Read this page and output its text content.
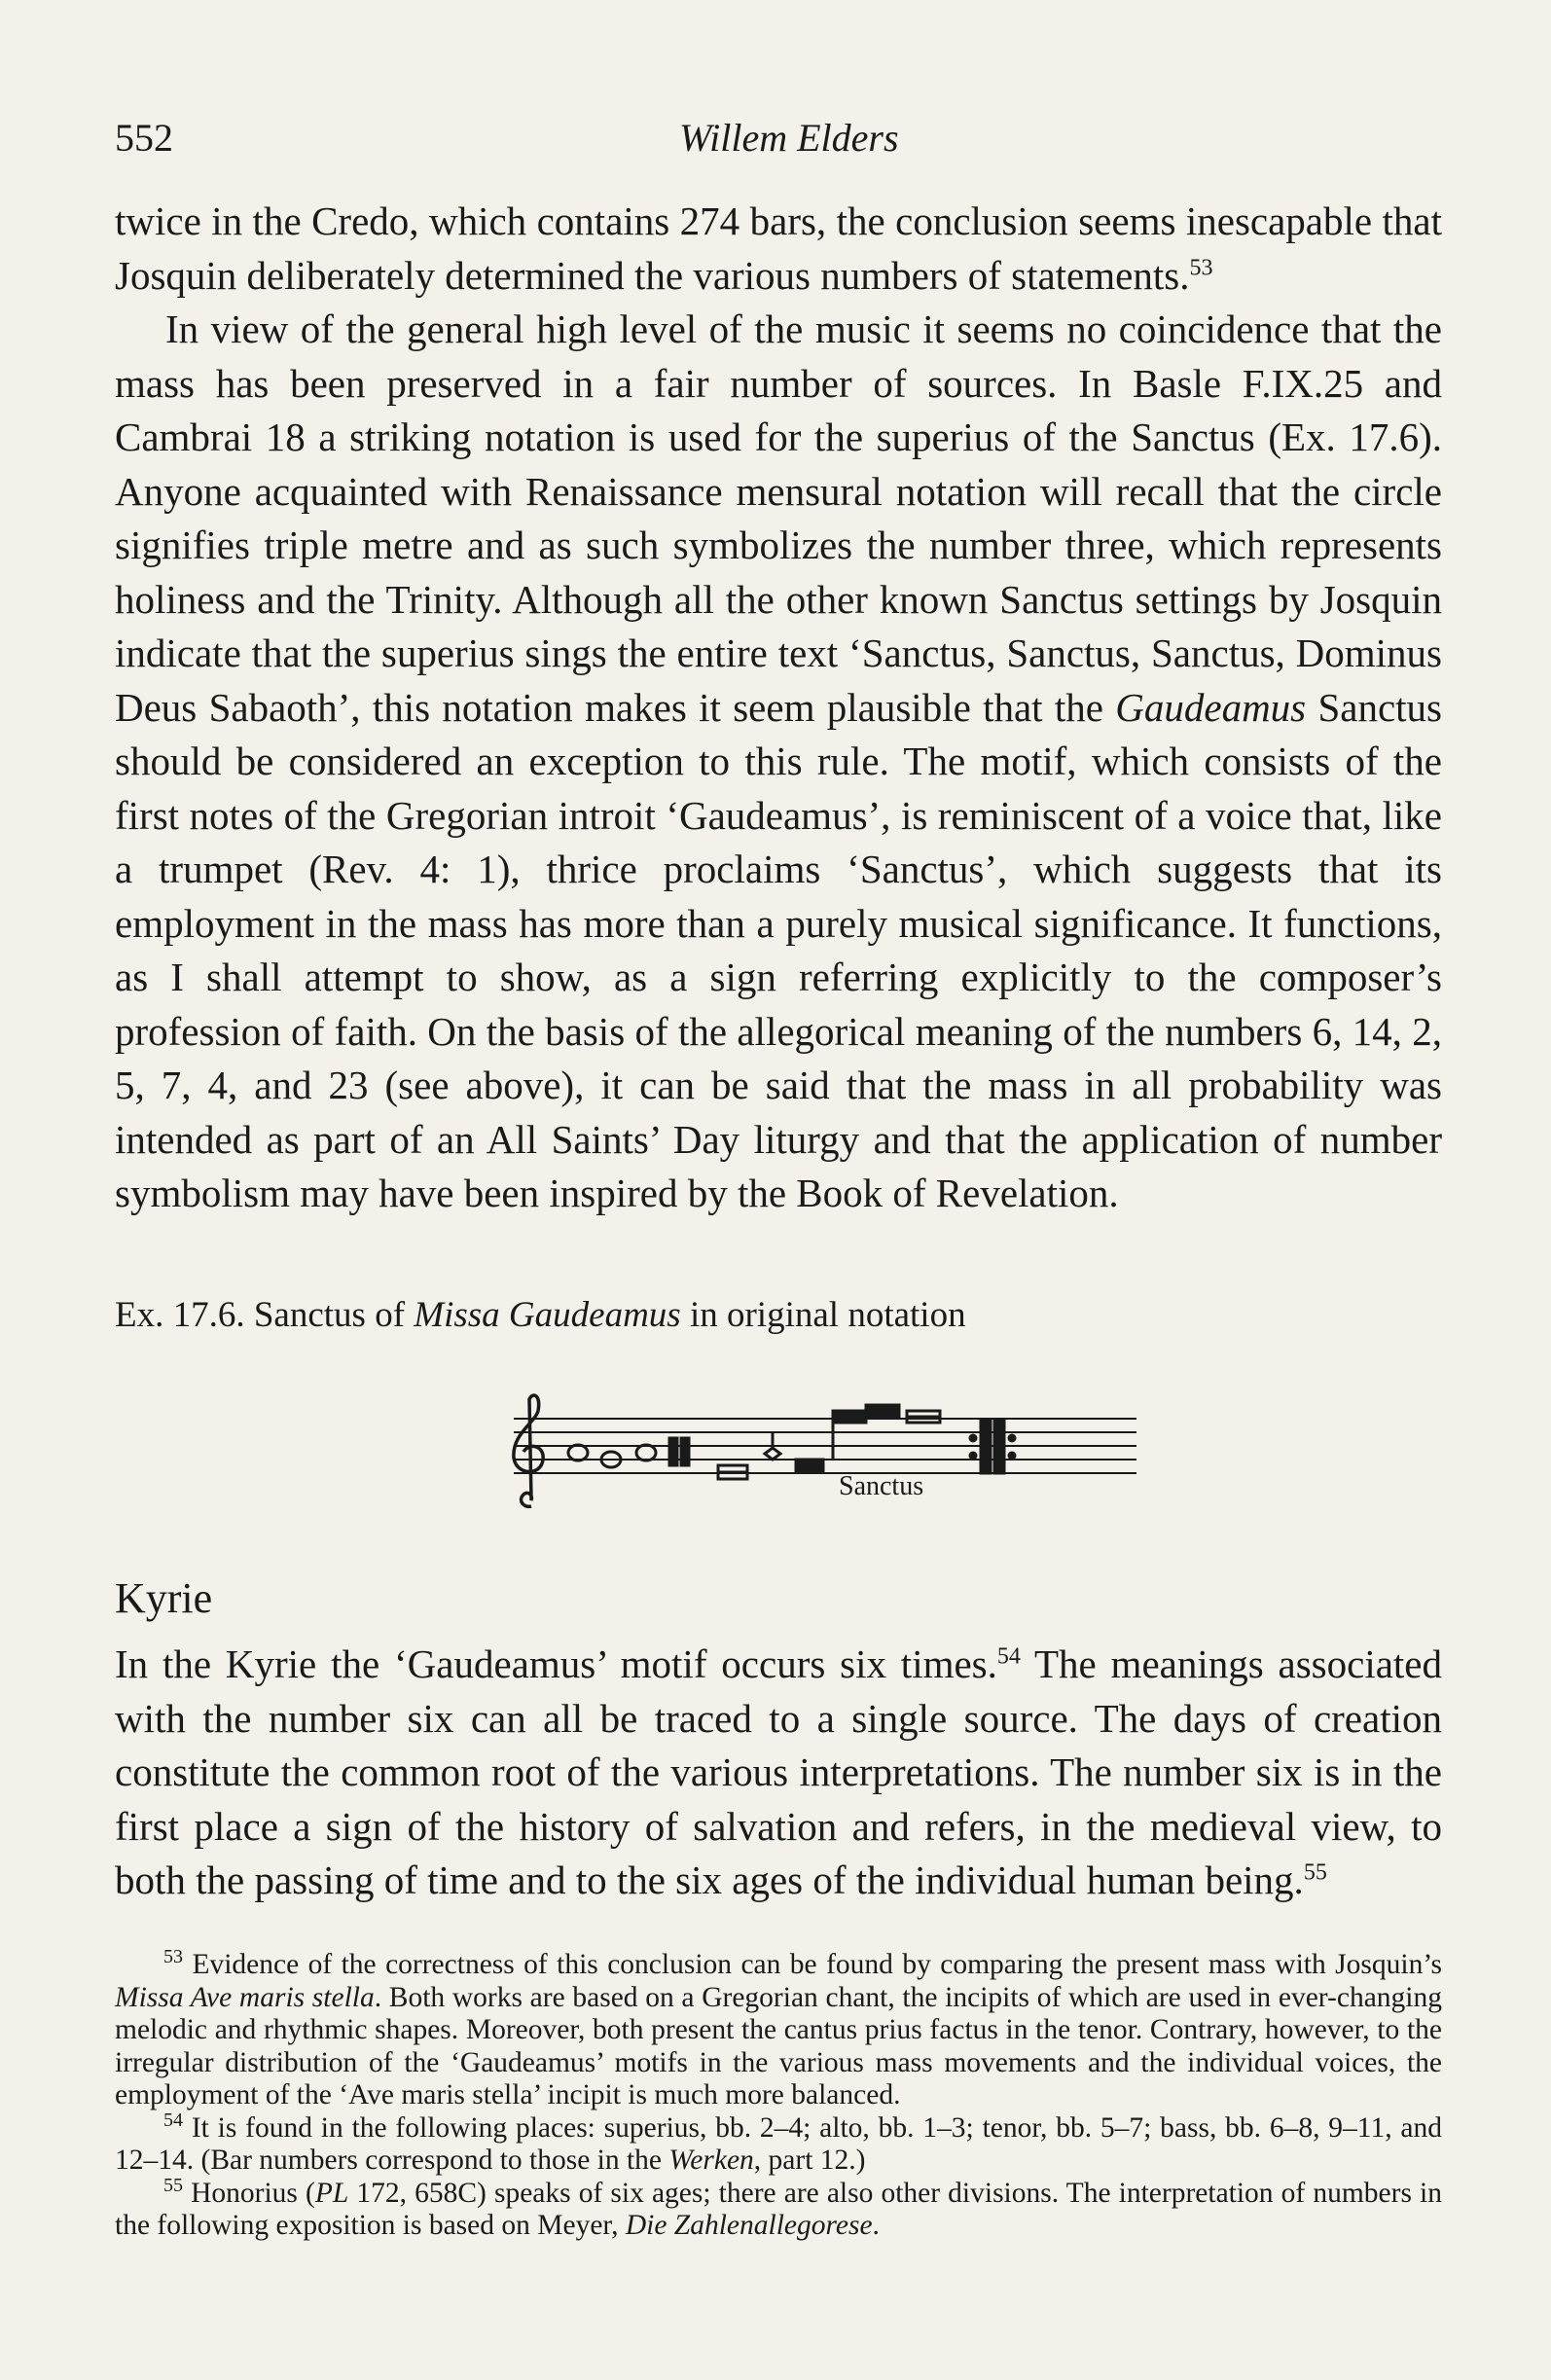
552	Willem Elders

twice in the Credo, which contains 274 bars, the conclusion seems inescapable that Josquin deliberately determined the various numbers of statements.$^{53}$

In view of the general high level of the music it seems no coincidence that the mass has been preserved in a fair number of sources. In Basle F.IX.25 and Cambrai 18 a striking notation is used for the superius of the Sanctus (Ex. 17.6). Anyone acquainted with Renaissance mensural notation will recall that the circle signifies triple metre and as such symbolizes the number three, which represents holiness and the Trinity. Although all the other known Sanctus settings by Josquin indicate that the superius sings the entire text ‘Sanctus, Sanctus, Sanctus, Dominus Deus Sabaoth’, this notation makes it seem plausible that the Gaudeamus Sanctus should be considered an exception to this rule. The motif, which consists of the first notes of the Gregorian introit ‘Gaudeamus’, is reminiscent of a voice that, like a trumpet (Rev. 4: 1), thrice proclaims ‘Sanctus’, which suggests that its employment in the mass has more than a purely musical significance. It functions, as I shall attempt to show, as a sign referring explicitly to the composer’s profession of faith. On the basis of the allegorical meaning of the numbers 6, 14, 2, 5, 7, 4, and 23 (see above), it can be said that the mass in all probability was intended as part of an All Saints’ Day liturgy and that the application of number symbolism may have been inspired by the Book of Revelation.

Ex. 17.6. Sanctus of Missa Gaudeamus in original notation
Sanctus
Kyrie

In the Kyrie the ‘Gaudeamus’ motif occurs six times.$^{54}$ The meanings associated with the number six can all be traced to a single source. The days of creation constitute the common root of the various interpretations. The number six is in the first place a sign of the history of salvation and refers, in the medieval view, to both the passing of time and to the six ages of the individual human being.$^{55}$

$^{53}$ Evidence of the correctness of this conclusion can be found by comparing the present mass with Josquin’s Missa Ave maris stella. Both works are based on a Gregorian chant, the incipits of which are used in ever-changing melodic and rhythmic shapes. Moreover, both present the cantus prius factus in the tenor. Contrary, however, to the irregular distribution of the ‘Gaudeamus’ motifs in the various mass movements and the individual voices, the employment of the ‘Ave maris stella’ incipit is much more balanced.

$^{54}$ It is found in the following places: superius, bb. 2–4; alto, bb. 1–3; tenor, bb. 5–7; bass, bb. 6–8, 9–11, and 12–14. (Bar numbers correspond to those in the Werken, part 12.)

$^{55}$ Honorius (PL 172, 658C) speaks of six ages; there are also other divisions. The interpretation of numbers in the following exposition is based on Meyer, Die Zahlenallegorese.
